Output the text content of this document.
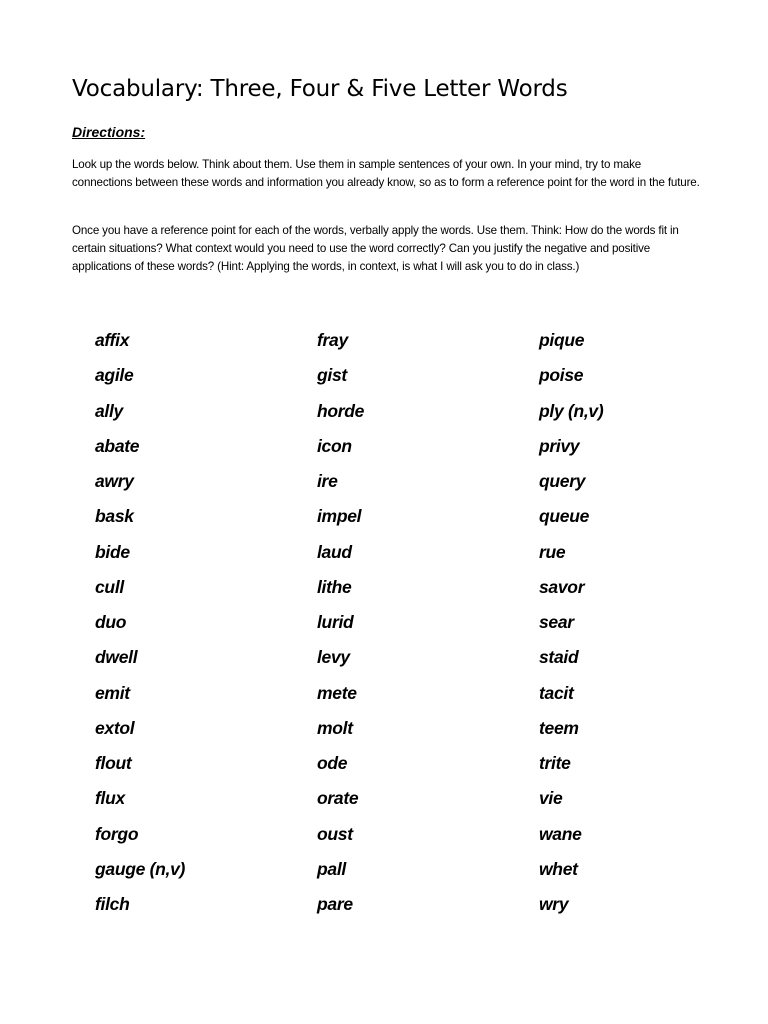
Vocabulary: Three, Four & Five Letter Words
Directions:

Look up the words below. Think about them. Use them in sample sentences of your own. In your mind, try to make connections between these words and information you already know, so as to form a reference point for the word in the future.

Once you have a reference point for each of the words, verbally apply the words. Use them. Think: How do the words fit in certain situations? What context would you need to use the word correctly? Can you justify the negative and positive applications of these words? (Hint: Applying the words, in context, is what I will ask you to do in class.)

affix
agile
ally
abate
awry
bask
bide
cull
duo
dwell
emit
extol
flout
flux
forgo
gauge (n,v)
filch
fray
gist
horde
icon
ire
impel
laud
lithe
lurid
levy
mete
molt
ode
orate
oust
pall
pare
pique
poise
ply (n,v)
privy
query
queue
rue
savor
sear
staid
tacit
teem
trite
vie
wane
whet
wry
